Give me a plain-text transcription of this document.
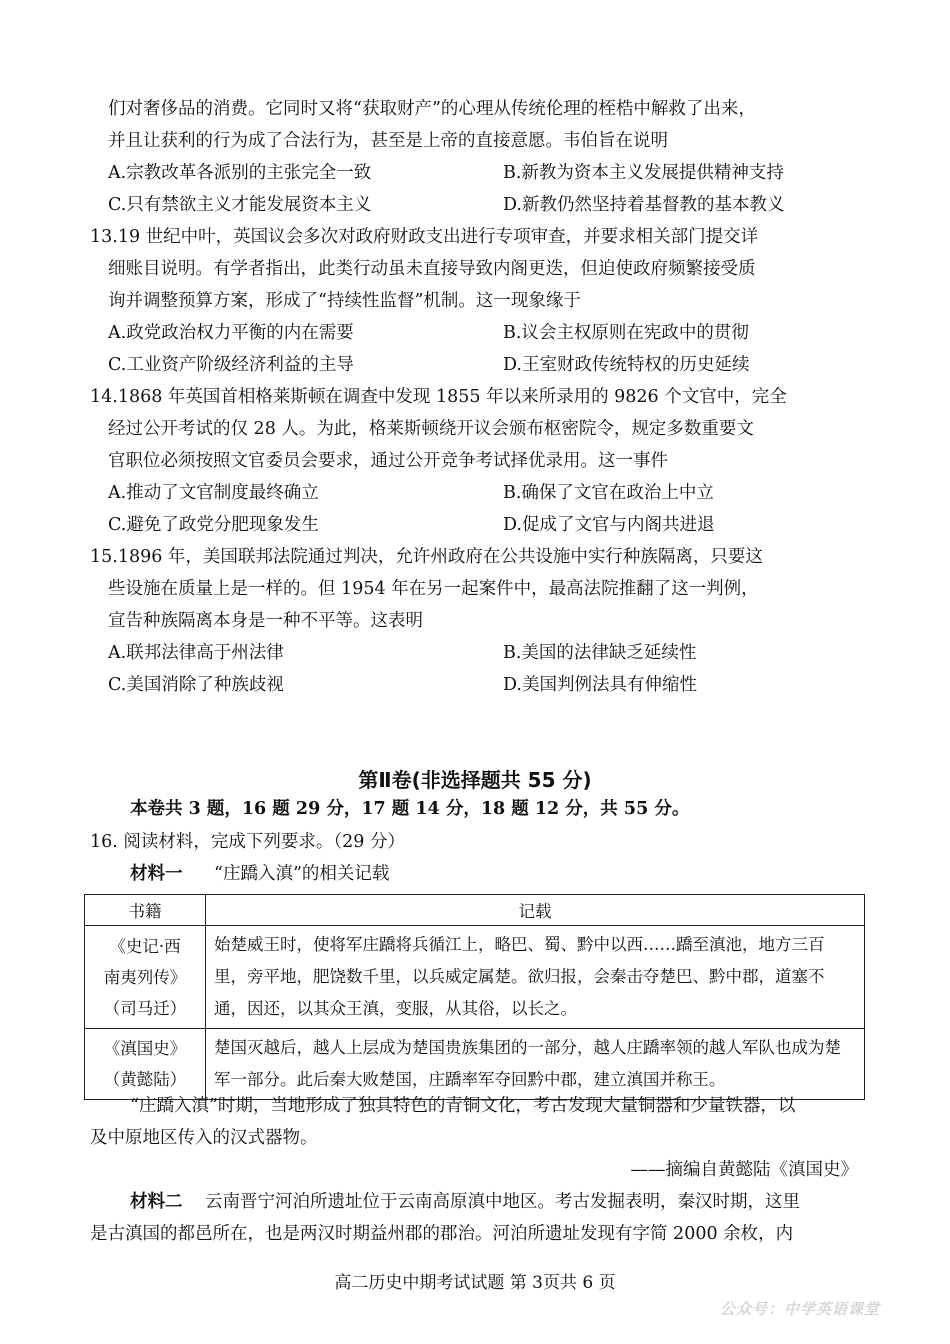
们对奢侈品的消费。它同时又将“获取财产”的心理从传统伦理的桎梏中解救了出来，
并且让获利的行为成了合法行为，甚至是上帝的直接意愿。韦伯旨在说明
A.宗教改革各派别的主张完全一致	B.新教为资本主义发展提供精神支持
C.只有禁欲主义才能发展资本主义	D.新教仍然坚持着基督教的基本教义
13.19 世纪中叶，英国议会多次对政府财政支出进行专项审查，并要求相关部门提交详
细账目说明。有学者指出，此类行动虽未直接导致内阁更迭，但迫使政府频繁接受质
询并调整预算方案，形成了“持续性监督”机制。这一现象缘于
A.政党政治权力平衡的内在需要	B.议会主权原则在宪政中的贯彻
C.工业资产阶级经济利益的主导	D.王室财政传统特权的历史延续
14.1868 年英国首相格莱斯顿在调查中发现 1855 年以来所录用的 9826 个文官中，完全
经过公开考试的仅 28 人。为此，格莱斯顿绕开议会颁布枢密院令，规定多数重要文
官职位必须按照文官委员会要求，通过公开竞争考试择优录用。这一事件
A.推动了文官制度最终确立	B.确保了文官在政治上中立
C.避免了政党分肥现象发生	D.促成了文官与内阁共进退
15.1896 年，美国联邦法院通过判决，允许州政府在公共设施中实行种族隔离，只要这
些设施在质量上是一样的。但 1954 年在另一起案件中，最高法院推翻了这一判例，
宣告种族隔离本身是一种不平等。这表明
A.联邦法律高于州法律	B.美国的法律缺乏延续性
C.美国消除了种族歧视	D.美国判例法具有伸缩性
第Ⅱ卷(非选择题共 55 分)
本卷共 3 题，16 题 29 分，17 题 14 分，18 题 12 分，共 55 分。
16. 阅读材料，完成下列要求。（29 分）
材料一 “庄蹻入滇”的相关记载
书籍	记载

《史记·西
南夷列传》
（司马迁）	始楚威王时，使将军庄蹻将兵循江上，略巴、蜀、黔中以西……蹻至滇池，地方三百里，旁平地，肥饶数千里，以兵威定属楚。欲归报，会秦击夺楚巴、黔中郡，道塞不通，因还，以其众王滇，变服，从其俗，以长之。

《滇国史》
（黄懿陆）	楚国灭越后，越人上层成为楚国贵族集团的一部分，越人庄蹻率领的越人军队也成为楚军一部分。此后秦大败楚国，庄蹻率军夺回黔中郡，建立滇国并称王。
“庄蹻入滇”时期，当地形成了独具特色的青铜文化，考古发现大量铜器和少量铁器，以
及中原地区传入的汉式器物。
——摘编自黄懿陆《滇国史》
材料二 云南晋宁河泊所遗址位于云南高原滇中地区。考古发掘表明，秦汉时期，这里
是古滇国的都邑所在，也是两汉时期益州郡的郡治。河泊所遗址发现有字简 2000 余枚，内
高二历史中期考试试题 第 3页共 6 页
公众号：中学英语课堂
